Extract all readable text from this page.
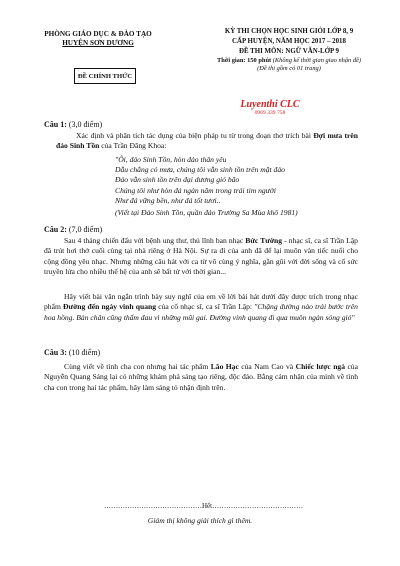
PHÒNG GIÁO DỤC & ĐÀO TẠO
HUYỆN SƠN DƯƠNG
ĐỀ CHÍNH THỨC
KỲ THI CHỌN HỌC SINH GIỎI LỚP 8, 9
CẤP HUYỆN, NĂM HỌC 2017 – 2018
ĐỀ THI MÔN: NGỮ VĂN-LỚP 9
Thời gian: 150 phút (Không kể thời gian giao nhận đề)
(Đề thi gồm có 01 trang)
Luyenthi CLC
0969 339 758
Câu 1: (3,0 điểm)
Xác định và phân tích tác dụng của biện pháp tu từ trong đoạn thơ trích bài Đợi mưa trên đảo Sinh Tồn của Trần Đăng Khoa:
"Ôi, đảo Sinh Tồn, hòn đảo thân yêu
Dẫu chẳng có mưa, chúng tôi vẫn sinh tồn trên mặt đảo
Đảo vẫn sinh tồn trên đại dương gió bão
Chúng tôi như hòn đá ngàn năm trong trái tim người
Như đá vững bền, như đá tốt tươi..
(Viết tại Đảo Sinh Tồn, quần đảo Trường Sa Mùa khô 1981)
Câu 2: (7,0 điểm)
Sau 4 tháng chiến đấu với bệnh ung thư, thủ lĩnh ban nhạc Bức Tường - nhạc sĩ, ca sĩ Trần Lập đã trút hơi thở cuối cùng tại nhà riêng ở Hà Nội. Sự ra đi của anh đã để lại muôn vàn tiếc nuối cho cộng đồng yêu nhạc. Nhưng những câu hát với ca từ vô cùng ý nghĩa, gần gũi với đời sống và cổ sức truyền lửa cho nhiều thế hệ của anh sẽ bất tử với thời gian...
Hãy viết bài văn ngắn trình bày suy nghĩ của em về lời bài hát dưới đây được trích trong nhạc phẩm Đường đến ngày vinh quang của cố nhạc sĩ, ca sĩ Trần Lập: "Chặng đường nào trải bước trên hoa hồng. Bàn chân cũng thấm đau vì những mũi gai. Đường vinh quang đi qua muôn ngàn sóng gió"
Câu 3: (10 điểm)
Cùng viết về tình cha con nhưng hai tác phẩm Lão Hạc của Nam Cao và Chiếc lược ngà của Nguyễn Quang Sáng lại có những khám phá sáng tạo riêng, độc đáo. Bằng cảm nhận của mình về tình cha con trong hai tác phẩm, hãy làm sáng tỏ nhận định trên.
……………………………………Hết…………………………………
Giám thị không giải thích gì thêm.
